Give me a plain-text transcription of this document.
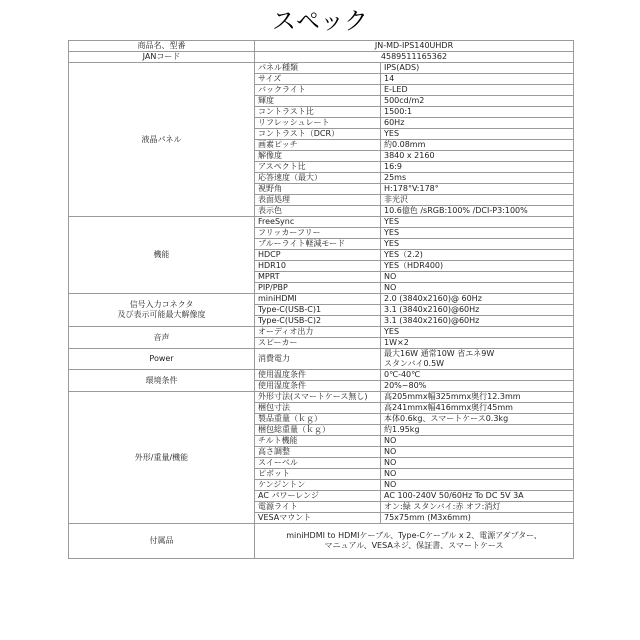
スペック
商品名、型番	JN-MD-IPS140UHDR	
JANコード	4589511165362	
液晶パネル	パネル種類	IPS(ADS)
	サイズ	14
	バックライト	E-LED
	輝度	500cd/m2
	コントラスト比	1500:1
	リフレッシュレート	60Hz
	コントラスト（DCR）	YES
	画素ピッチ	約0.08mm
	解像度	3840 x 2160
	アスペクト比	16:9
	応答速度（最大）	25ms
	視野角	H:178°V:178°
	表面処理	非光沢
	表示色	10.6億色 /sRGB:100% /DCI-P3:100%
機能	FreeSync	YES
	フリッカーフリー	YES
	ブルーライト軽減モード	YES
	HDCP	YES（2.2)
	HDR10	YES（HDR400)
	MPRT	NO
	PIP/PBP	NO
信号入力コネクタ
及び表示可能最大解像度	miniHDMI	2.0 (3840x2160)@ 60Hz
	Type-C(USB-C)1	3.1 (3840x2160)@60Hz
	Type-C(USB-C)2	3.1 (3840x2160)@60Hz
音声	オーディオ出力	YES
	スピーカー	1W×2
Power	消費電力	最大16W 通常10W 省エネ9W
スタンバイ0.5W
環境条件	使用温度条件	0℃-40℃
	使用湿度条件	20%~80%
外形/重量/機能	外形寸法(スマートケース無し)	高205mmx幅325mmx奥行12.3mm
	梱包寸法	高241mmx幅416mmx奥行45mm
	製品重量（ｋｇ）	本体0.6kg、スマートケース0.3kg
	梱包総重量（ｋｇ）	約1.95kg
	チルト機能	NO
	高さ調整	NO
	スイーベル	NO
	ピボット	NO
	ケンジントン	NO
	AC パワーレンジ	AC 100-240V 50/60Hz To DC 5V 3A
	電源ライト	オン:緑 スタンバイ:赤 オフ:消灯
	VESAマウント	75x75mm (M3x6mm)
付属品	miniHDMI to HDMIケーブル、Type-Cケーブル x 2、電源アダプター、
マニュアル、VESAネジ、保証書、スマートケース	
